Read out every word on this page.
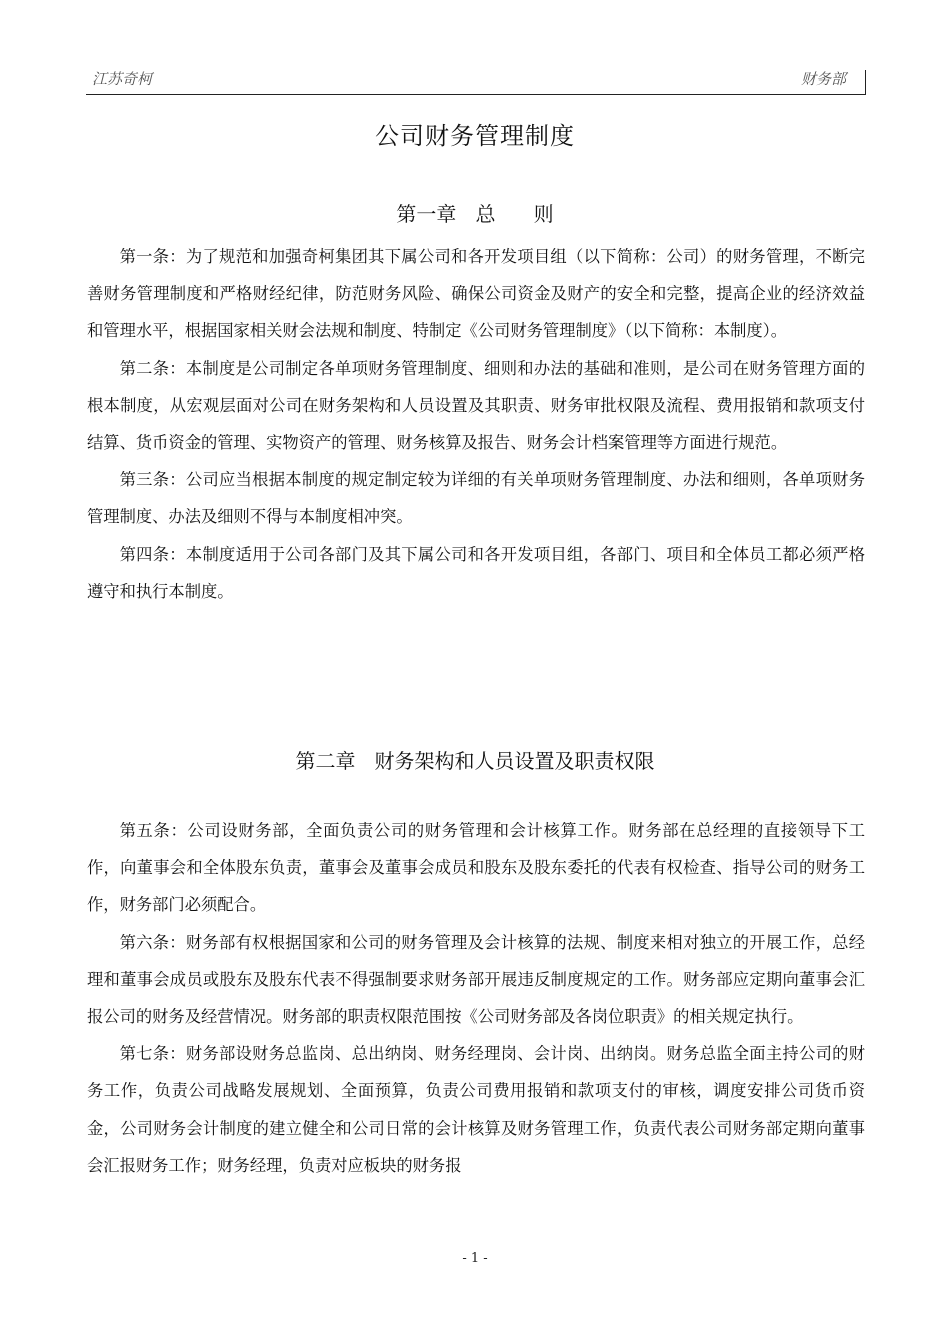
江苏奇柯	财务部
公司财务管理制度
第一章   总      则

第一条：为了规范和加强奇柯集团其下属公司和各开发项目组（以下简称：公司）的财务管理，不断完善财务管理制度和严格财经纪律，防范财务风险、确保公司资金及财产的安全和完整，提高企业的经济效益和管理水平，根据国家相关财会法规和制度、特制定《公司财务管理制度》（以下简称：本制度）。

第二条：本制度是公司制定各单项财务管理制度、细则和办法的基础和准则，是公司在财务管理方面的根本制度，从宏观层面对公司在财务架构和人员设置及其职责、财务审批权限及流程、费用报销和款项支付结算、货币资金的管理、实物资产的管理、财务核算及报告、财务会计档案管理等方面进行规范。

第三条：公司应当根据本制度的规定制定较为详细的有关单项财务管理制度、办法和细则，各单项财务管理制度、办法及细则不得与本制度相冲突。

第四条：本制度适用于公司各部门及其下属公司和各开发项目组，各部门、项目和全体员工都必须严格遵守和执行本制度。

第二章   财务架构和人员设置及职责权限

第五条：公司设财务部，全面负责公司的财务管理和会计核算工作。财务部在总经理的直接领导下工作，向董事会和全体股东负责，董事会及董事会成员和股东及股东委托的代表有权检查、指导公司的财务工作，财务部门必须配合。

第六条：财务部有权根据国家和公司的财务管理及会计核算的法规、制度来相对独立的开展工作，总经理和董事会成员或股东及股东代表不得强制要求财务部开展违反制度规定的工作。财务部应定期向董事会汇报公司的财务及经营情况。财务部的职责权限范围按《公司财务部及各岗位职责》的相关规定执行。

第七条：财务部设财务总监岗、总出纳岗、财务经理岗、会计岗、出纳岗。财务总监全面主持公司的财务工作，负责公司战略发展规划、全面预算，负责公司费用报销和款项支付的审核，调度安排公司货币资金，公司财务会计制度的建立健全和公司日常的会计核算及财务管理工作，负责代表公司财务部定期向董事会汇报财务工作；财务经理，负责对应板块的财务报

- 1 -
